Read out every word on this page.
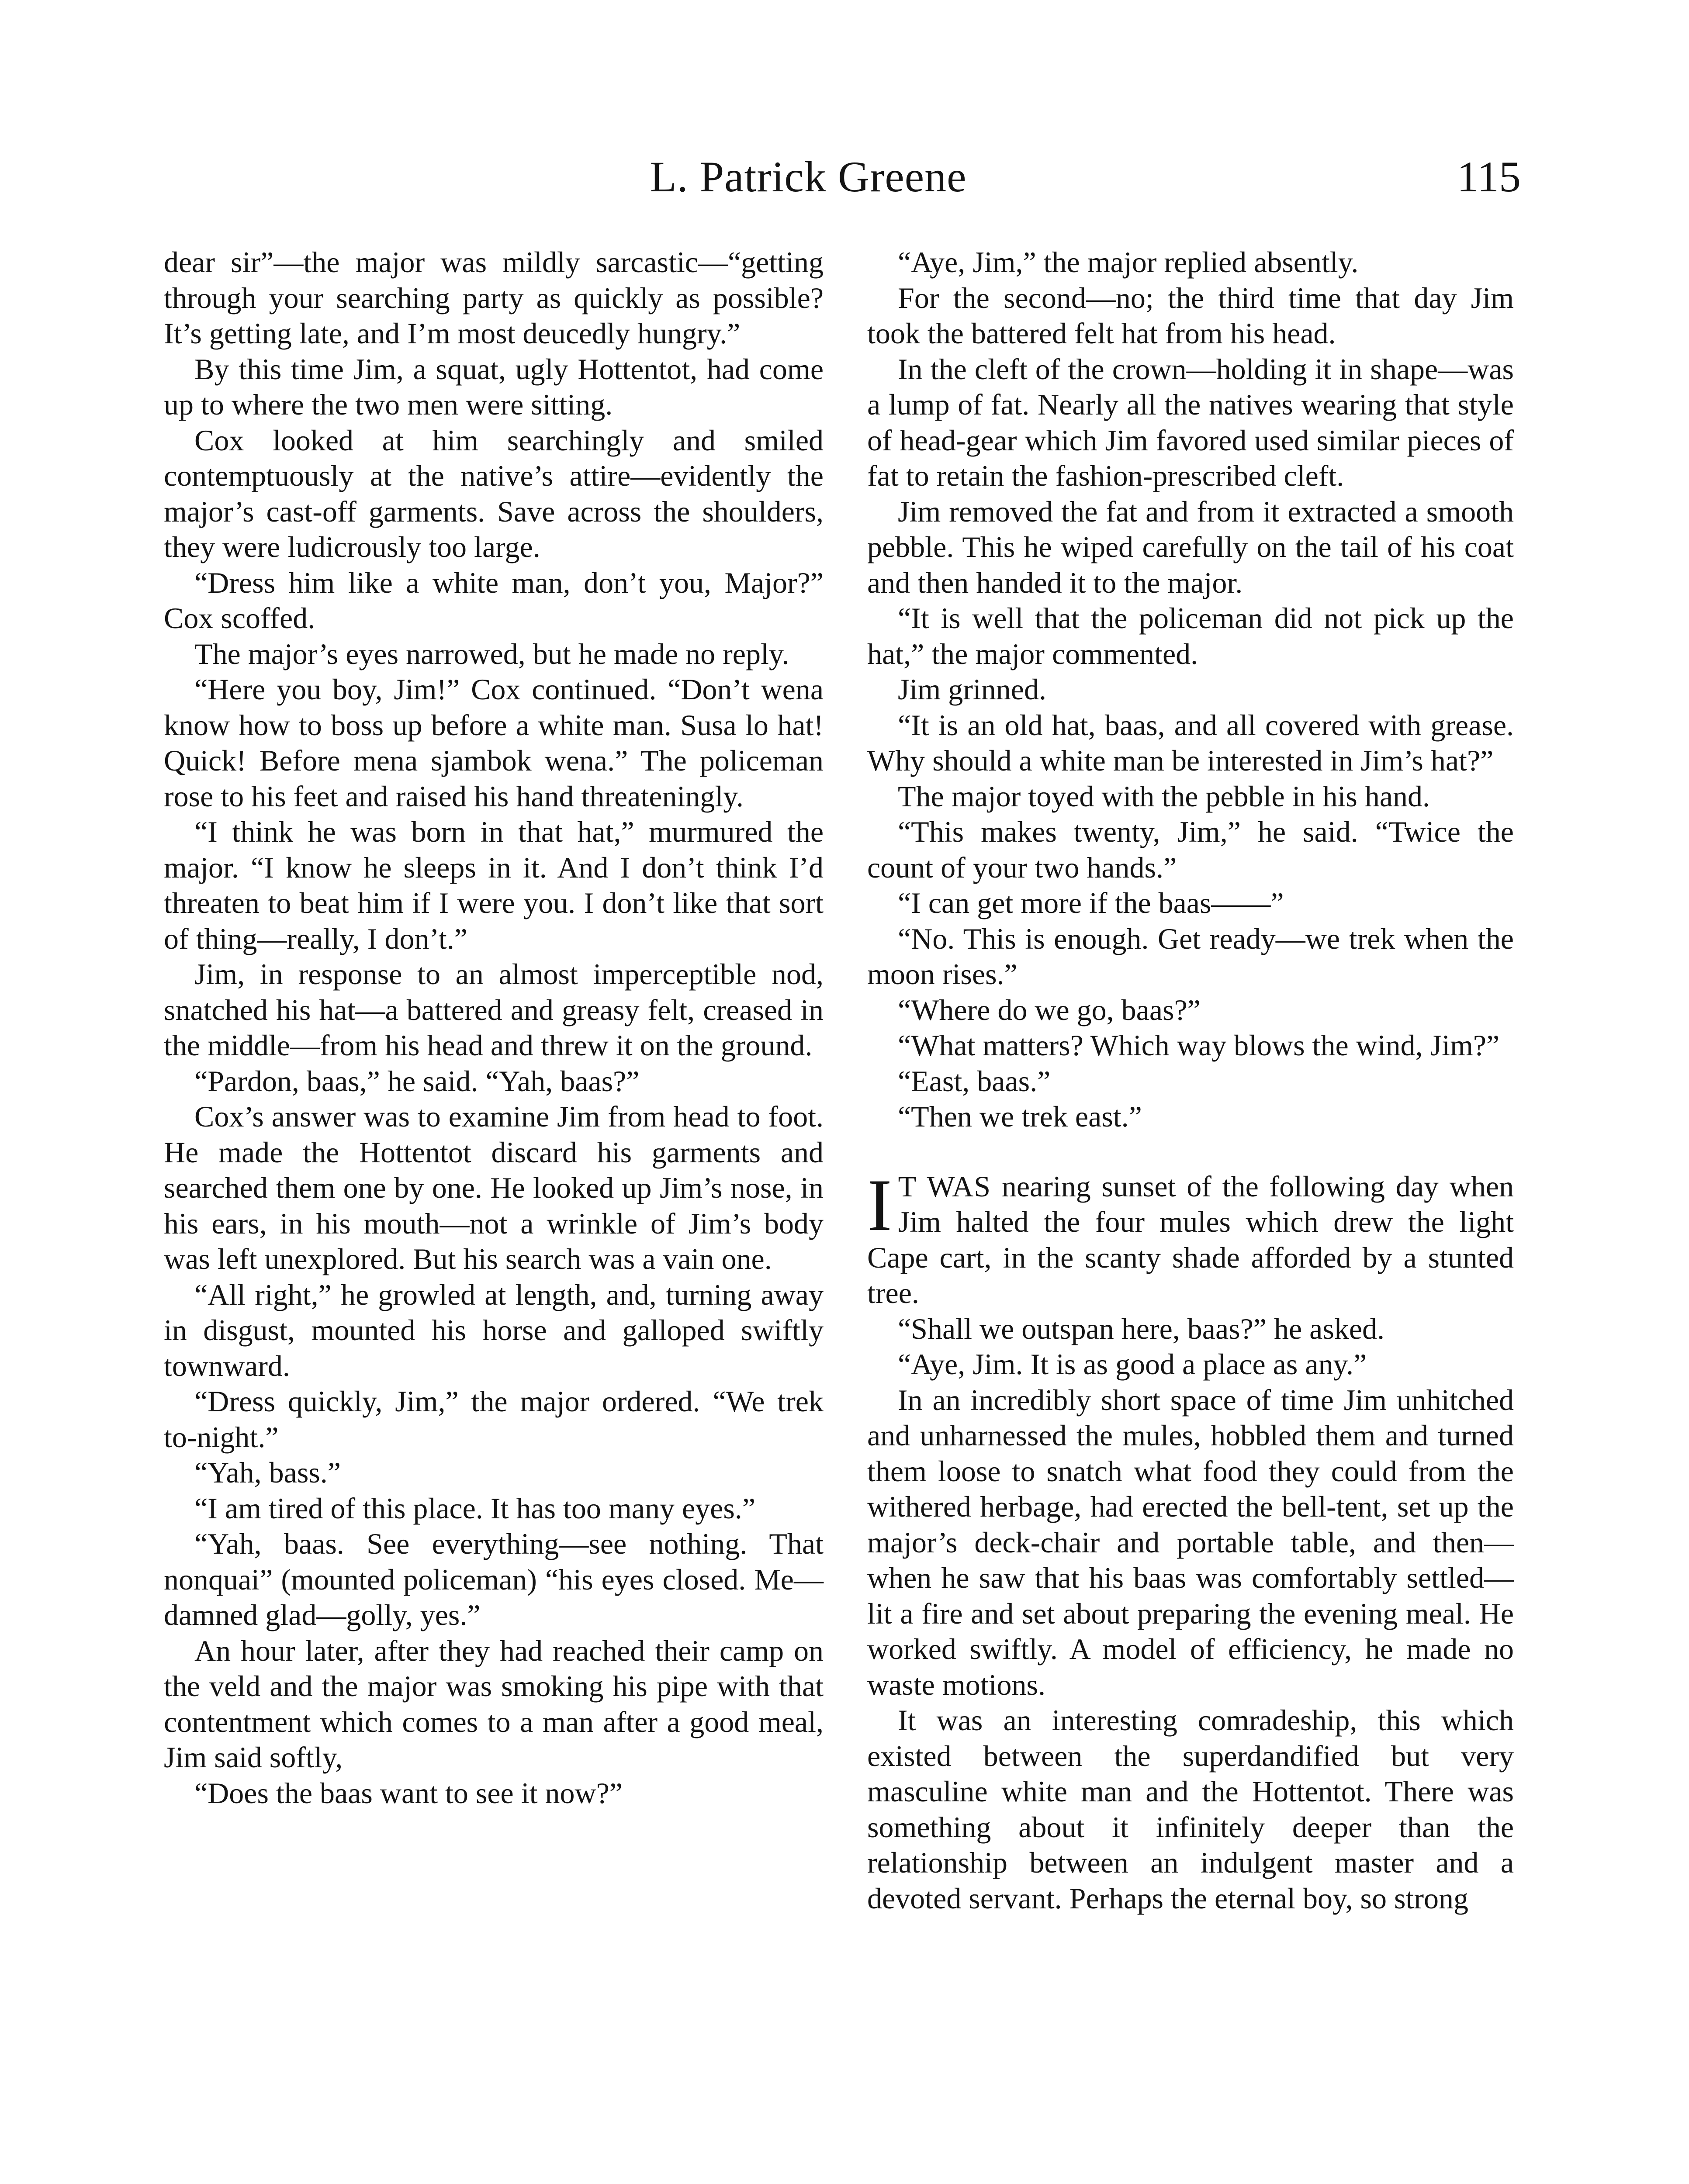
L. Patrick Greene	115

dear sir”—the major was mildly sarcastic—“getting through your searching party as quickly as possible? It’s getting late, and I’m most deucedly hungry.”

By this time Jim, a squat, ugly Hottentot, had come up to where the two men were sitting.

Cox looked at him searchingly and smiled contemptuously at the native’s attire—evidently the major’s cast-off garments. Save across the shoulders, they were ludicrously too large.

“Dress him like a white man, don’t you, Major?” Cox scoffed.

The major’s eyes narrowed, but he made no reply.

“Here you boy, Jim!” Cox continued. “Don’t wena know how to boss up before a white man. Susa lo hat! Quick! Before mena sjambok wena.” The policeman rose to his feet and raised his hand threateningly.

“I think he was born in that hat,” murmured the major. “I know he sleeps in it. And I don’t think I’d threaten to beat him if I were you. I don’t like that sort of thing—really, I don’t.”

Jim, in response to an almost imperceptible nod, snatched his hat—a battered and greasy felt, creased in the middle—from his head and threw it on the ground.

“Pardon, baas,” he said. “Yah, baas?”

Cox’s answer was to examine Jim from head to foot. He made the Hottentot discard his garments and searched them one by one. He looked up Jim’s nose, in his ears, in his mouth—not a wrinkle of Jim’s body was left unexplored. But his search was a vain one.

“All right,” he growled at length, and, turning away in disgust, mounted his horse and galloped swiftly townward.

“Dress quickly, Jim,” the major ordered. “We trek to-night.”

“Yah, bass.”

“I am tired of this place. It has too many eyes.”

“Yah, baas. See everything—see nothing. That nonquai” (mounted policeman) “his eyes closed. Me—damned glad—golly, yes.”

An hour later, after they had reached their camp on the veld and the major was smoking his pipe with that contentment which comes to a man after a good meal, Jim said softly,

“Does the baas want to see it now?”

“Aye, Jim,” the major replied absently.

For the second—no; the third time that day Jim took the battered felt hat from his head.

In the cleft of the crown—holding it in shape—was a lump of fat. Nearly all the natives wearing that style of head-gear which Jim favored used similar pieces of fat to retain the fashion-prescribed cleft.

Jim removed the fat and from it extracted a smooth pebble. This he wiped carefully on the tail of his coat and then handed it to the major.

“It is well that the policeman did not pick up the hat,” the major commented.

Jim grinned.

“It is an old hat, baas, and all covered with grease. Why should a white man be interested in Jim’s hat?”

The major toyed with the pebble in his hand.

“This makes twenty, Jim,” he said. “Twice the count of your two hands.”

“I can get more if the baas——”

“No. This is enough. Get ready—we trek when the moon rises.”

“Where do we go, baas?”

“What matters? Which way blows the wind, Jim?”

“East, baas.”

“Then we trek east.”

I T WAS nearing sunset of the following day when Jim halted the four mules which drew the light Cape cart, in the scanty shade afforded by a stunted tree.

“Shall we outspan here, baas?” he asked.

“Aye, Jim. It is as good a place as any.”

In an incredibly short space of time Jim unhitched and unharnessed the mules, hobbled them and turned them loose to snatch what food they could from the withered herbage, had erected the bell-tent, set up the major’s deck-chair and portable table, and then—when he saw that his baas was comfortably settled—lit a fire and set about preparing the evening meal. He worked swiftly. A model of efficiency, he made no waste motions.

It was an interesting comradeship, this which existed between the superdandified but very masculine white man and the Hottentot. There was something about it infinitely deeper than the relationship between an indulgent master and a devoted servant. Perhaps the eternal boy, so strong
